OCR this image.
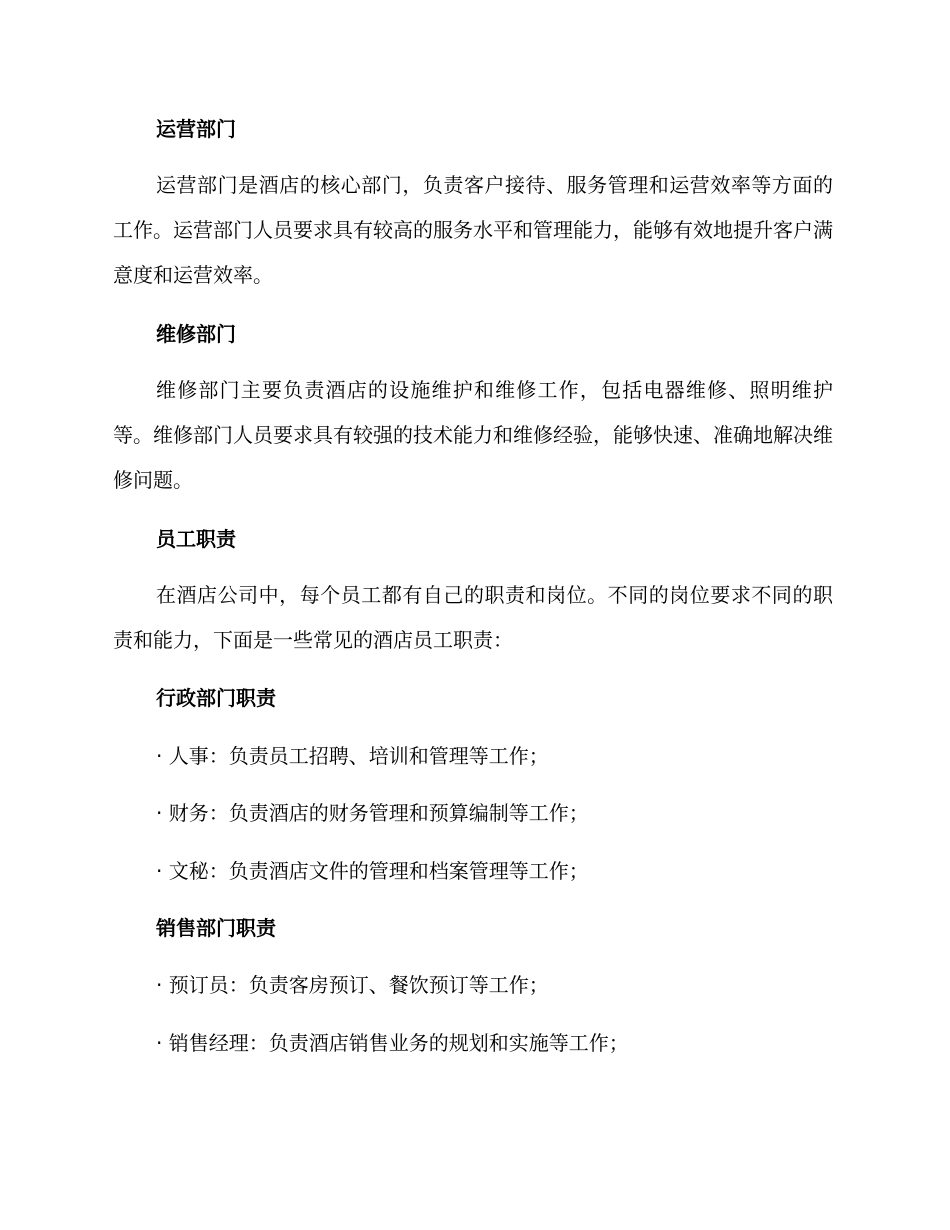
运营部门
运营部门是酒店的核心部门，负责客户接待、服务管理和运营效率等方面的工作。运营部门人员要求具有较高的服务水平和管理能力，能够有效地提升客户满意度和运营效率。
维修部门
维修部门主要负责酒店的设施维护和维修工作，包括电器维修、照明维护等。维修部门人员要求具有较强的技术能力和维修经验，能够快速、准确地解决维修问题。
员工职责
在酒店公司中，每个员工都有自己的职责和岗位。不同的岗位要求不同的职责和能力，下面是一些常见的酒店员工职责：
行政部门职责
· 人事：负责员工招聘、培训和管理等工作；
· 财务：负责酒店的财务管理和预算编制等工作；
· 文秘：负责酒店文件的管理和档案管理等工作；
销售部门职责
· 预订员：负责客房预订、餐饮预订等工作；
· 销售经理：负责酒店销售业务的规划和实施等工作；
